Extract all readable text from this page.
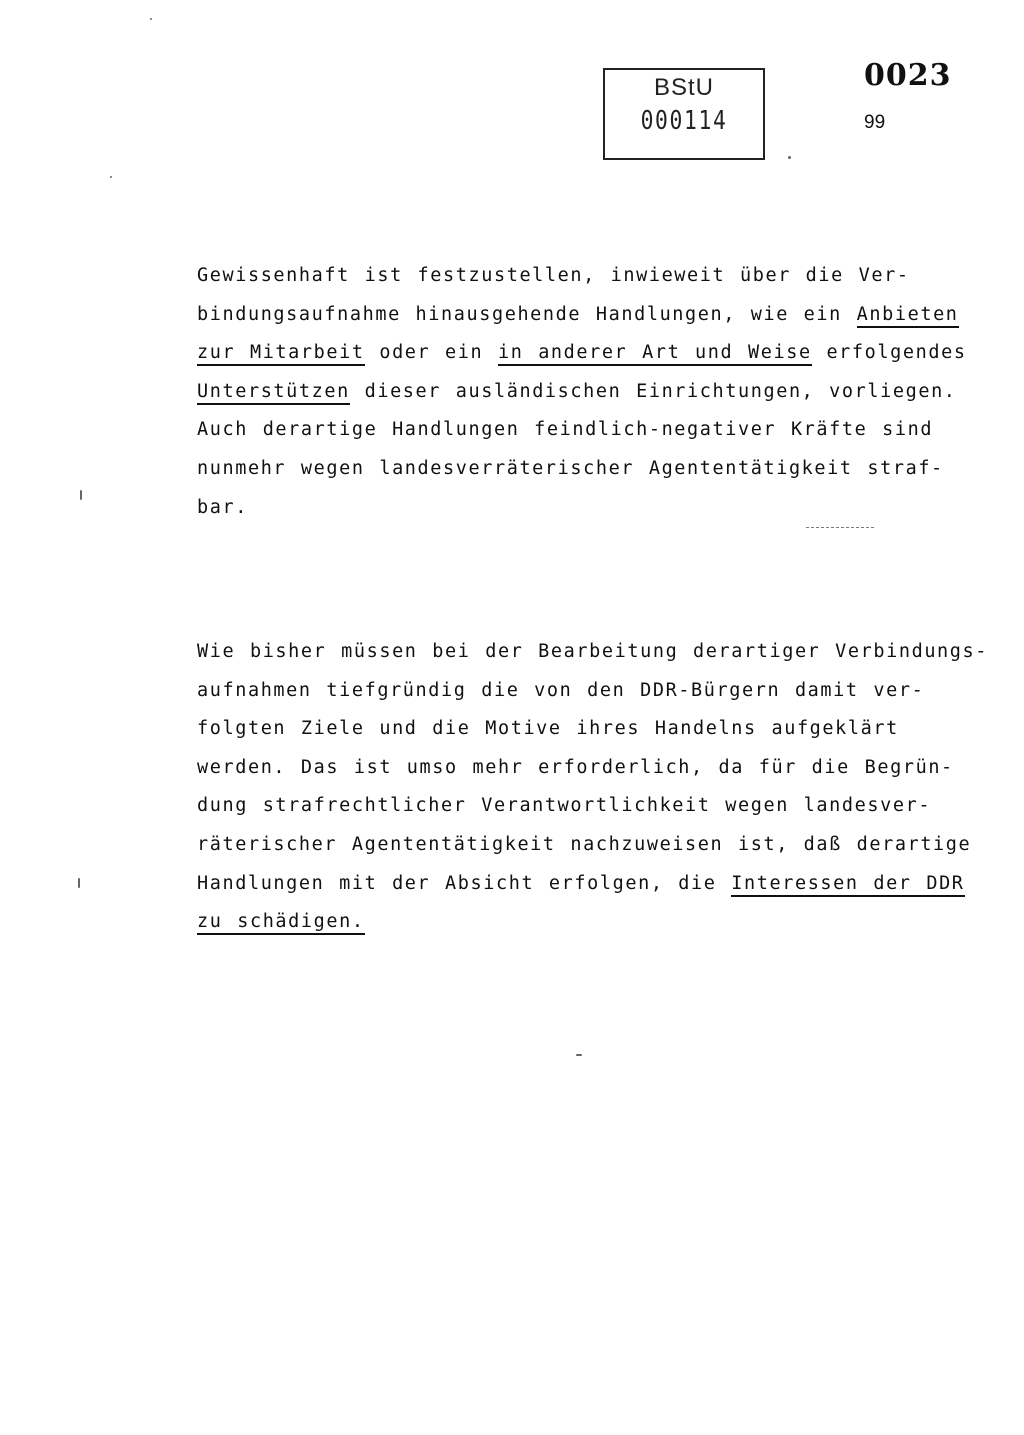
BStU
000114
0023
99
Gewissenhaft ist festzustellen, inwieweit über die Ver-
bindungsaufnahme hinausgehende Handlungen, wie ein Anbieten
zur Mitarbeit oder ein in anderer Art und Weise erfolgendes
Unterstützen dieser ausländischen Einrichtungen, vorliegen.
Auch derartige Handlungen feindlich-negativer Kräfte sind
nunmehr wegen landesverräterischer Agententätigkeit straf-
bar.
Wie bisher müssen bei der Bearbeitung derartiger Verbindungs-
aufnahmen tiefgründig die von den DDR-Bürgern damit ver-
folgten Ziele und die Motive ihres Handelns aufgeklärt
werden. Das ist umso mehr erforderlich, da für die Begrün-
dung strafrechtlicher Verantwortlichkeit wegen landesver-
räterischer Agententätigkeit nachzuweisen ist, daß derartige
Handlungen mit der Absicht erfolgen, die Interessen der DDR
zu schädigen.
